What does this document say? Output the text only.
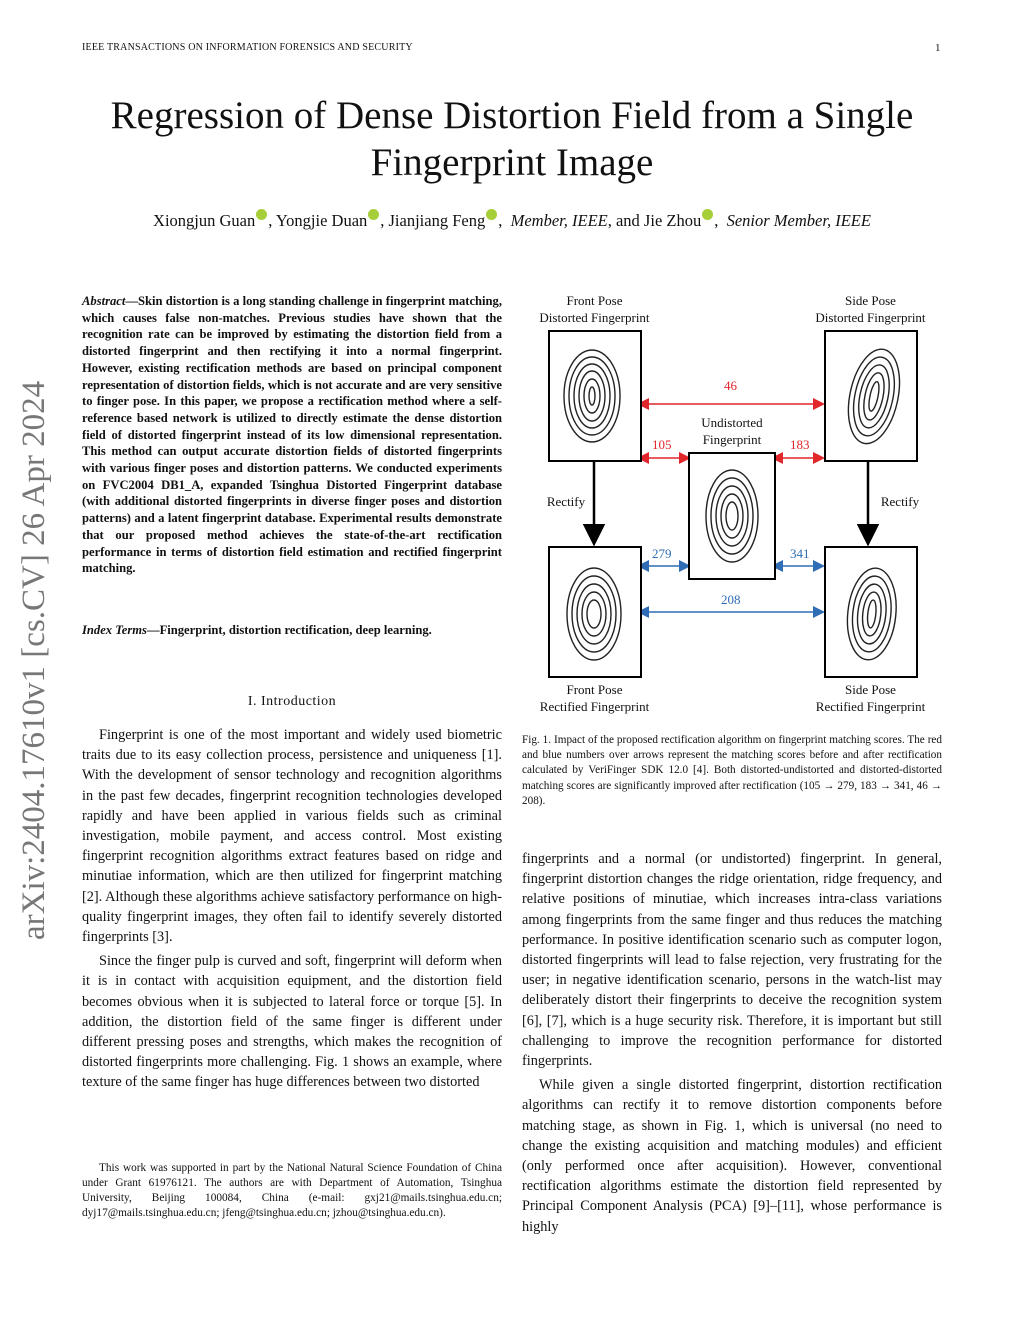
IEEE TRANSACTIONS ON INFORMATION FORENSICS AND SECURITY	1
Regression of Dense Distortion Field from a Single Fingerprint Image
Xiongjun Guan , Yongjie Duan , Jianjiang Feng ,  Member, IEEE, and Jie Zhou ,  Senior Member, IEEE
arXiv:2404.17610v1 [cs.CV] 26 Apr 2024
Abstract—Skin distortion is a long standing challenge in fingerprint matching, which causes false non-matches. Previous studies have shown that the recognition rate can be improved by estimating the distortion field from a distorted fingerprint and then rectifying it into a normal fingerprint. However, existing rectification methods are based on principal component representation of distortion fields, which is not accurate and are very sensitive to finger pose. In this paper, we propose a rectification method where a self-reference based network is utilized to directly estimate the dense distortion field of distorted fingerprint instead of its low dimensional representation. This method can output accurate distortion fields of distorted fingerprints with various finger poses and distortion patterns. We conducted experiments on FVC2004 DB1_A, expanded Tsinghua Distorted Fingerprint database (with additional distorted fingerprints in diverse finger poses and distortion patterns) and a latent fingerprint database. Experimental results demonstrate that our proposed method achieves the state-of-the-art rectification performance in terms of distortion field estimation and rectified fingerprint matching.
Index Terms—Fingerprint, distortion rectification, deep learning.
I. Introduction

Fingerprint is one of the most important and widely used biometric traits due to its easy collection process, persistence and uniqueness [1]. With the development of sensor technology and recognition algorithms in the past few decades, fingerprint recognition technologies developed rapidly and have been applied in various fields such as criminal investigation, mobile payment, and access control. Most existing fingerprint recognition algorithms extract features based on ridge and minutiae information, which are then utilized for fingerprint matching [2]. Although these algorithms achieve satisfactory performance on high-quality fingerprint images, they often fail to identify severely distorted fingerprints [3].

Since the finger pulp is curved and soft, fingerprint will deform when it is in contact with acquisition equipment, and the distortion field becomes obvious when it is subjected to lateral force or torque [5]. In addition, the distortion field of the same finger is different under different pressing poses and strengths, which makes the recognition of distorted fingerprints more challenging. Fig. 1 shows an example, where texture of the same finger has huge differences between two distorted

This work was supported in part by the National Natural Science Foundation of China under Grant 61976121. The authors are with Department of Automation, Tsinghua University, Beijing 100084, China (e-mail: gxj21@mails.tsinghua.edu.cn; dyj17@mails.tsinghua.edu.cn; jfeng@tsinghua.edu.cn; jzhou@tsinghua.edu.cn).

Front Pose
Distorted Fingerprint
Side Pose
Distorted Fingerprint
Undistorted
Fingerprint
Rectify	Rectify
Front Pose
Rectified Fingerprint
Side Pose
Rectified Fingerprint
46
105	183
279	341
208
Fig. 1. Impact of the proposed rectification algorithm on fingerprint matching scores. The red and blue numbers over arrows represent the matching scores before and after rectification calculated by VeriFinger SDK 12.0 [4]. Both distorted-undistorted and distorted-distorted matching scores are significantly improved after rectification (105 → 279, 183 → 341, 46 → 208).

fingerprints and a normal (or undistorted) fingerprint. In general, fingerprint distortion changes the ridge orientation, ridge frequency, and relative positions of minutiae, which increases intra-class variations among fingerprints from the same finger and thus reduces the matching performance. In positive identification scenario such as computer logon, distorted fingerprints will lead to false rejection, very frustrating for the user; in negative identification scenario, persons in the watch-list may deliberately distort their fingerprints to deceive the recognition system [6], [7], which is a huge security risk. Therefore, it is important but still challenging to improve the recognition performance for distorted fingerprints.

While given a single distorted fingerprint, distortion rectification algorithms can rectify it to remove distortion components before matching stage, as shown in Fig. 1, which is universal (no need to change the existing acquisition and matching modules) and efficient (only performed once after acquisition). However, conventional rectification algorithms estimate the distortion field represented by Principal Component Analysis (PCA) [9]–[11], whose performance is highly
